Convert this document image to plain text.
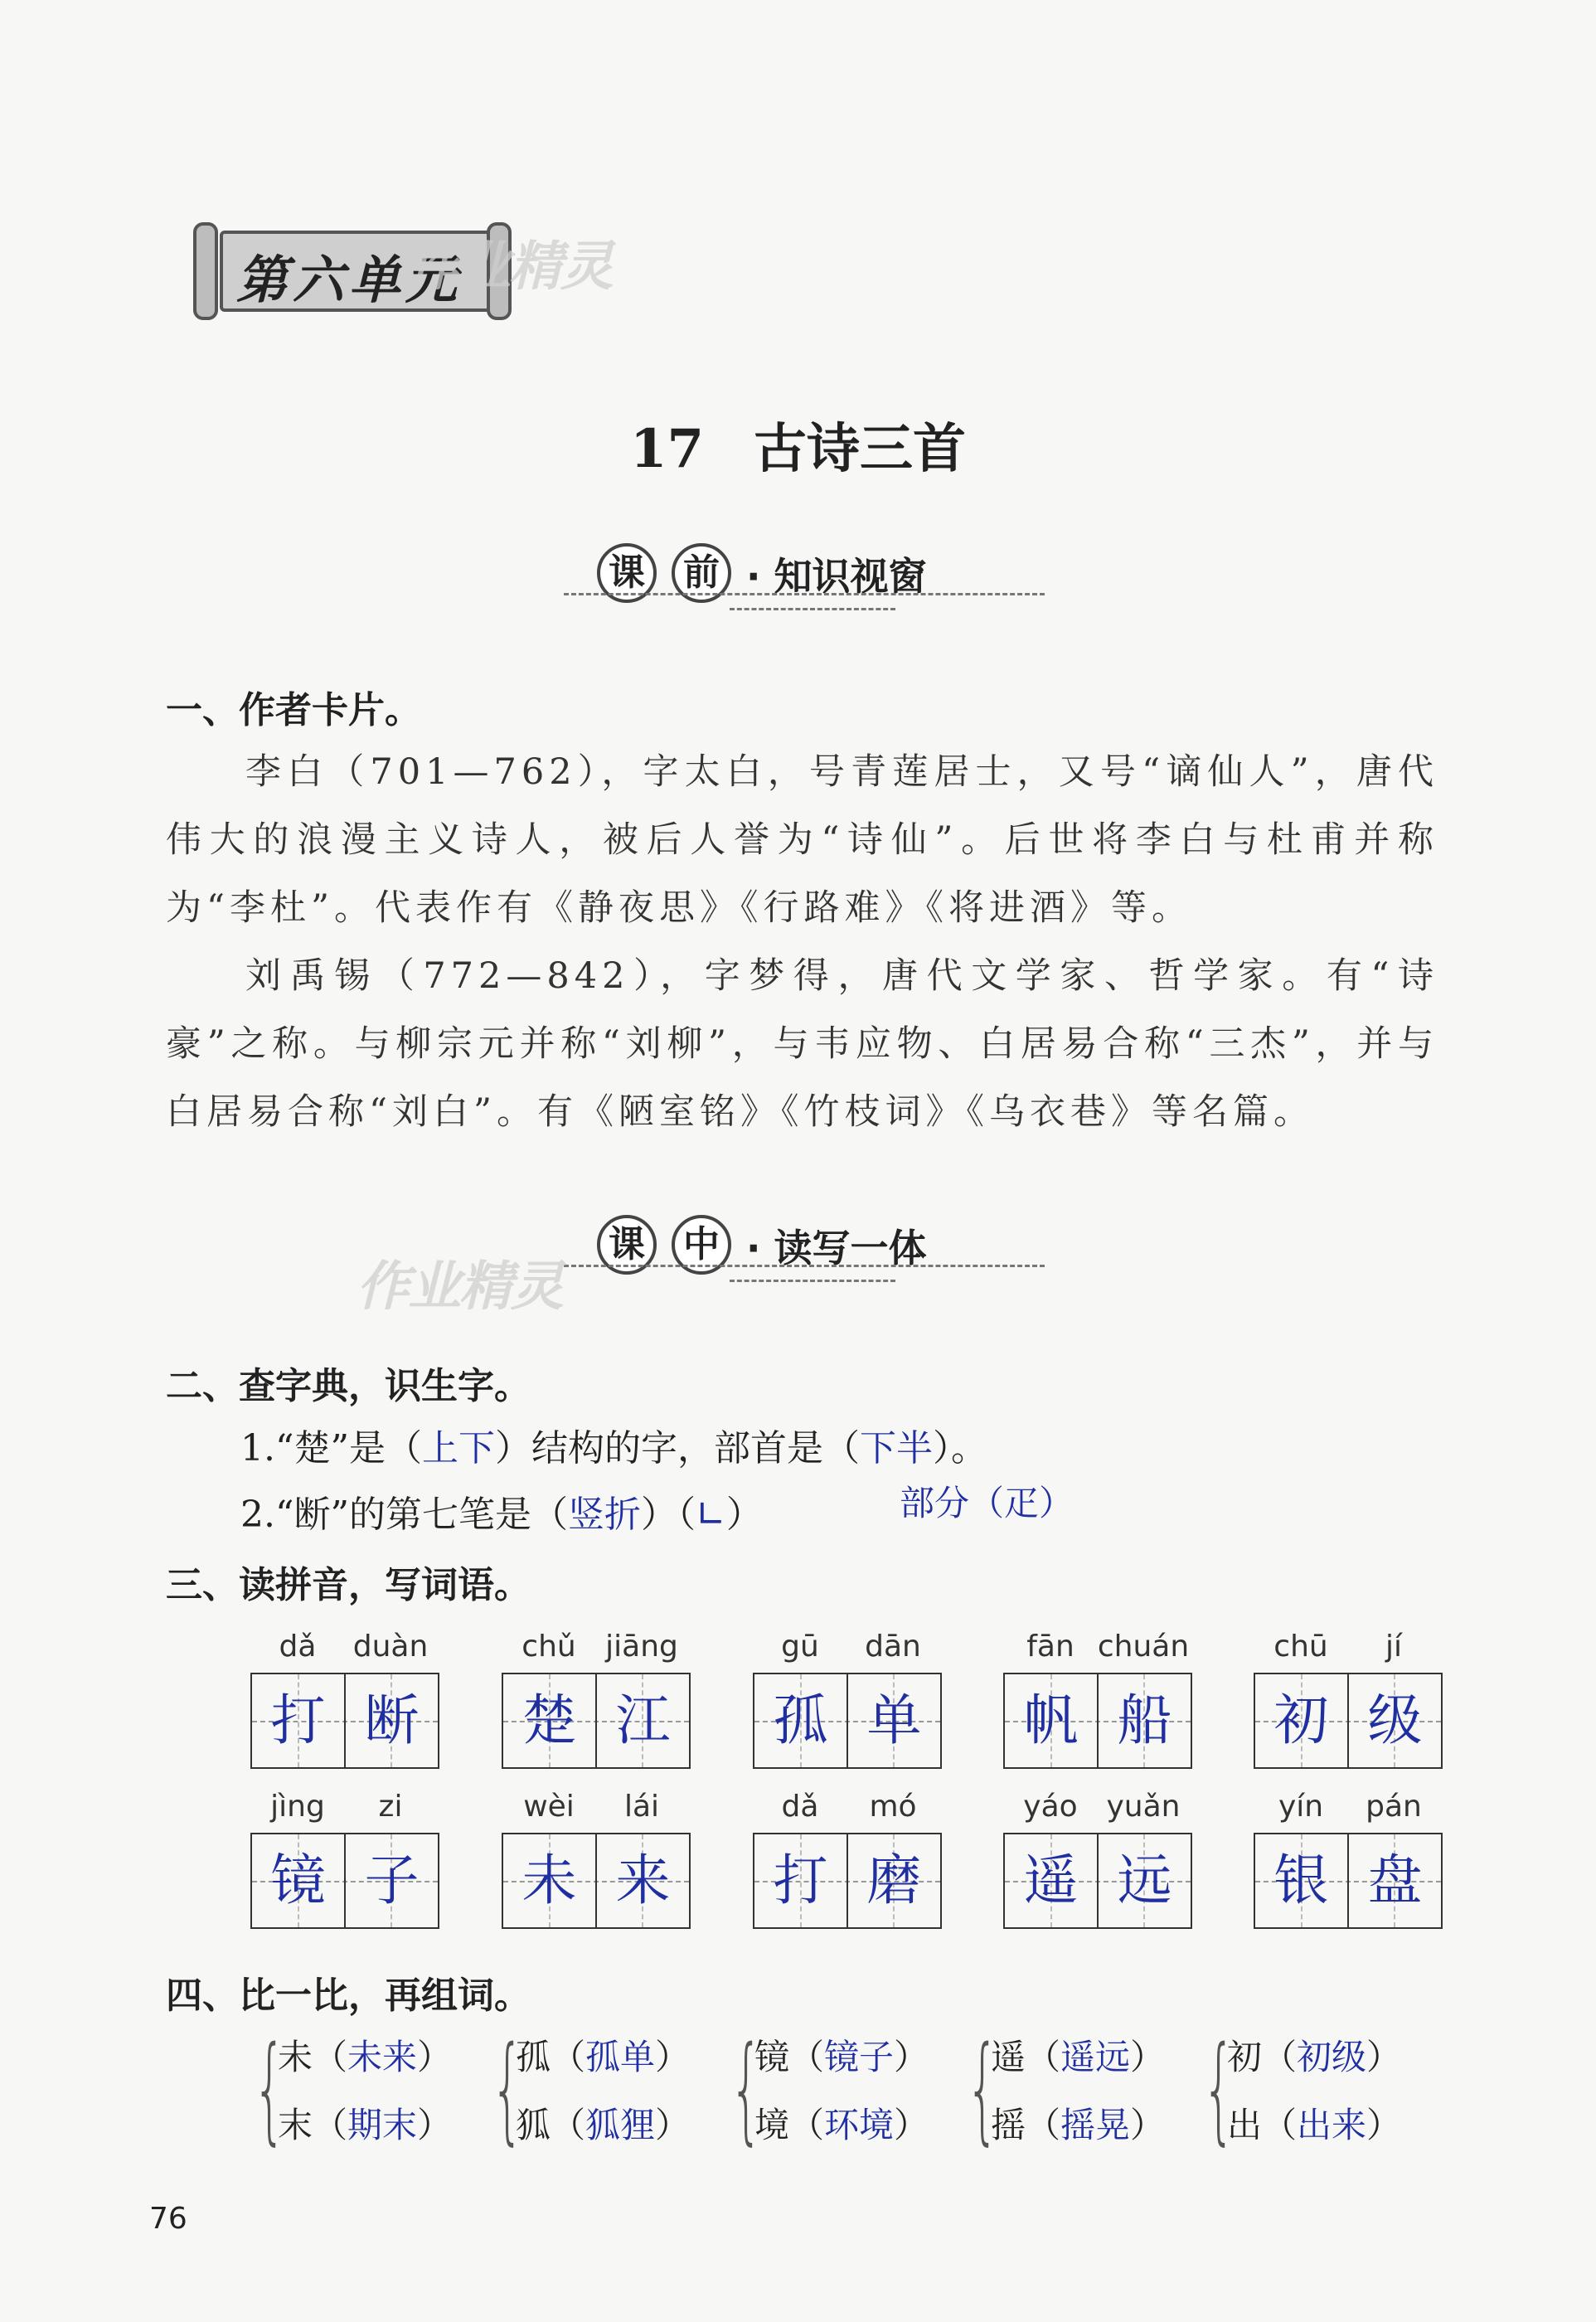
第六单元
作业精灵
17 古诗三首
课	前 · 知识视窗
一、作者卡片。

李白（701—762），字太白，号青莲居士，又号“谪仙人”，唐代伟大的浪漫主义诗人，被后人誉为“诗仙”。后世将李白与杜甫并称为“李杜”。代表作有《静夜思》《行路难》《将进酒》等。

刘禹锡（772—842），字梦得，唐代文学家、哲学家。有“诗豪”之称。与柳宗元并称“刘柳”，与韦应物、白居易合称“三杰”，并与白居易合称“刘白”。有《陋室铭》《竹枝词》《乌衣巷》等名篇。

课	中 · 读写一体
作业精灵
二、查字典，识生字。
1.“楚”是（上下）结构的字，部首是（下半）。
2.“断”的第七笔是（竖折）（∟）	部分（疋）
三、读拼音，写词语。
dǎ	duàn
打 断
chǔ jiāng
楚 江
gū	dān
孤 单
fān chuán
帆 船
chū	jí
初 级
jìng	zi
镜 子
wèi	lái
未 来
dǎ	mó
打 磨
yáo yuǎn
遥 远
yín	pán
银 盘
四、比一比，再组词。
{
未（未来）
末（期末） {
孤（孤单）
狐（狐狸） {
镜（镜子）
境（环境） {
遥（遥远）
摇（摇晃） {
初（初级）
出（出来）
76
